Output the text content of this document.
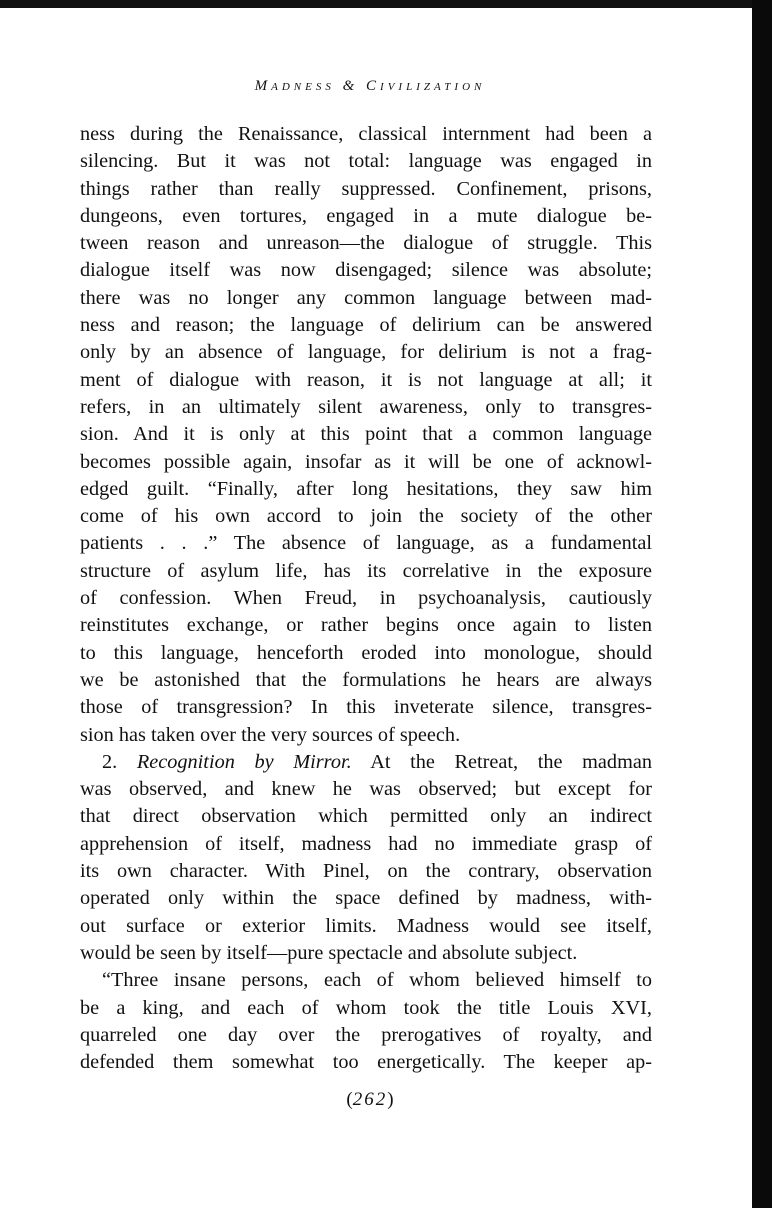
Madness & Civilization

ness during the Renaissance, classical internment had been a
silencing. But it was not total: language was engaged in
things rather than really suppressed. Confinement, prisons,
dungeons, even tortures, engaged in a mute dialogue be-
tween reason and unreason—the dialogue of struggle. This
dialogue itself was now disengaged; silence was absolute;
there was no longer any common language between mad-
ness and reason; the language of delirium can be answered
only by an absence of language, for delirium is not a frag-
ment of dialogue with reason, it is not language at all; it
refers, in an ultimately silent awareness, only to transgres-
sion. And it is only at this point that a common language
becomes possible again, insofar as it will be one of acknowl-
edged guilt. “Finally, after long hesitations, they saw him
come of his own accord to join the society of the other
patients . . .” The absence of language, as a fundamental
structure of asylum life, has its correlative in the exposure
of confession. When Freud, in psychoanalysis, cautiously
reinstitutes exchange, or rather begins once again to listen
to this language, henceforth eroded into monologue, should
we be astonished that the formulations he hears are always
those of transgression? In this inveterate silence, transgres-
sion has taken over the very sources of speech.

2. Recognition by Mirror. At the Retreat, the madman
was observed, and knew he was observed; but except for
that direct observation which permitted only an indirect
apprehension of itself, madness had no immediate grasp of
its own character. With Pinel, on the contrary, observation
operated only within the space defined by madness, with-
out surface or exterior limits. Madness would see itself,
would be seen by itself—pure spectacle and absolute subject.

“Three insane persons, each of whom believed himself to
be a king, and each of whom took the title Louis XVI,
quarreled one day over the prerogatives of royalty, and
defended them somewhat too energetically. The keeper ap-

(262)
